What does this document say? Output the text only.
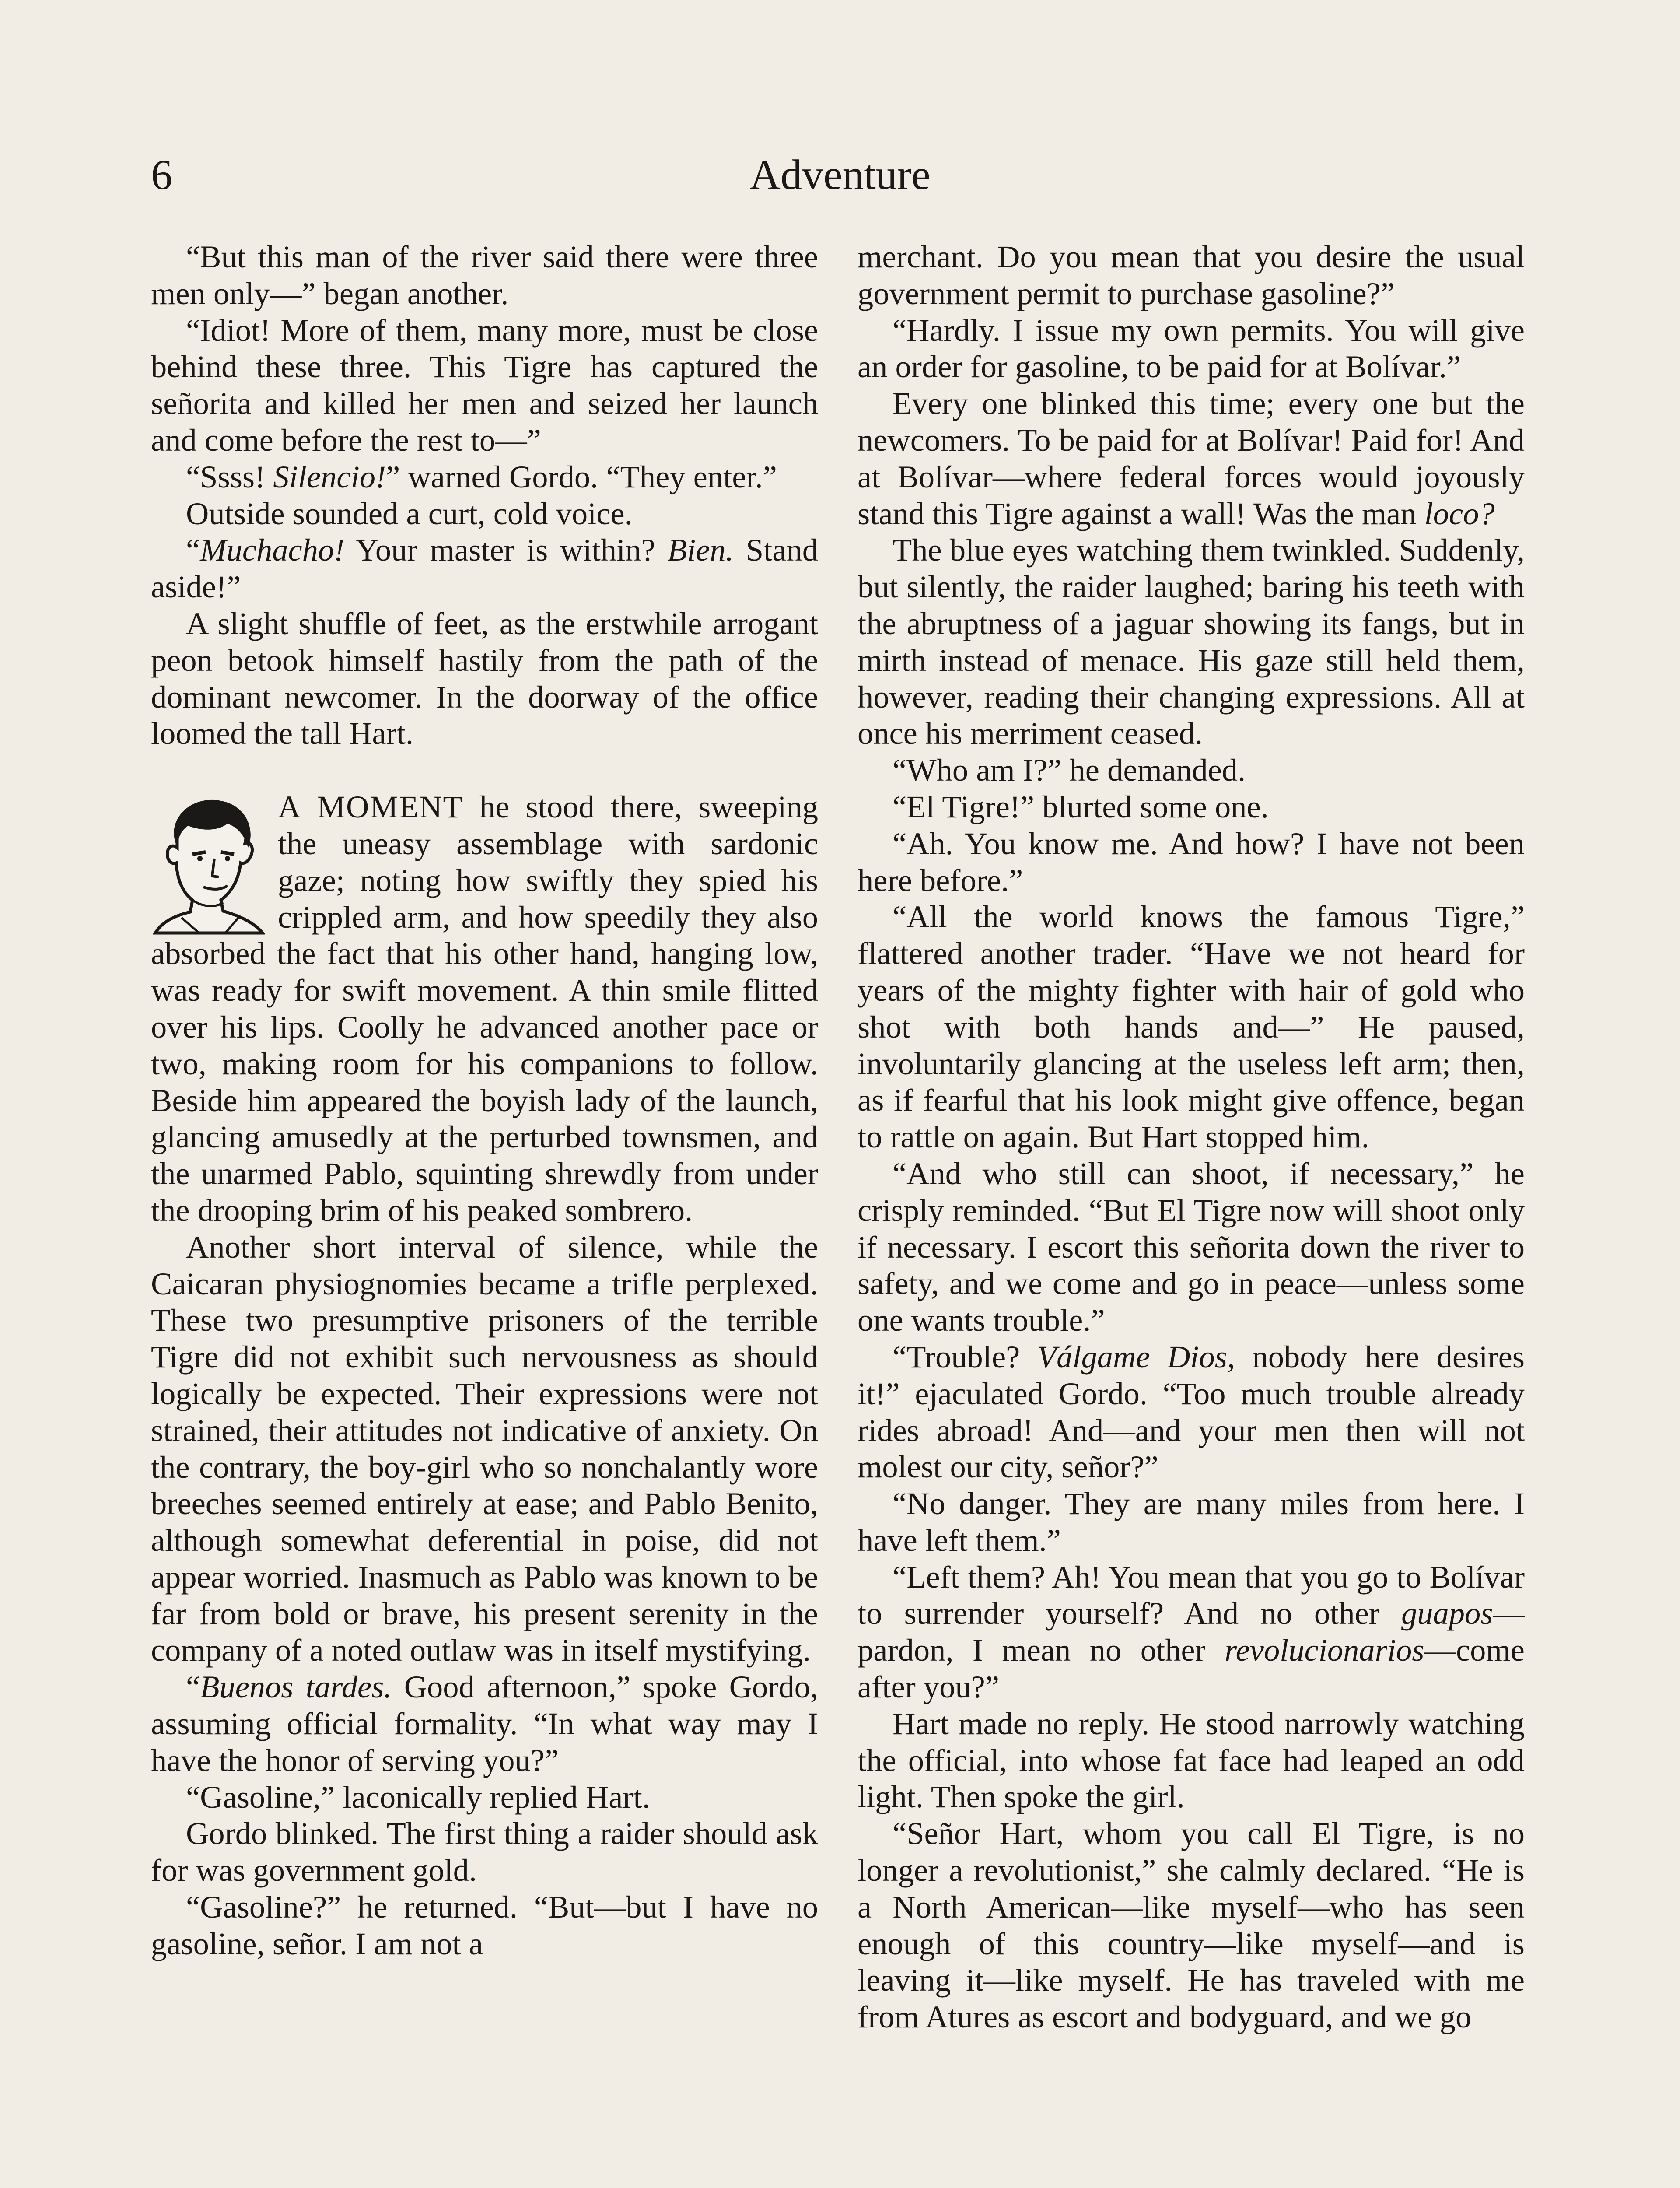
6	Adventure

“But this man of the river said there were three men only—” began another.

“Idiot! More of them, many more, must be close behind these three. This Tigre has captured the señorita and killed her men and seized her launch and come before the rest to—”

“Ssss! Silencio!” warned Gordo. “They enter.”

Outside sounded a curt, cold voice.

“Muchacho! Your master is within? Bien. Stand aside!”

A slight shuffle of feet, as the erstwhile arrogant peon betook himself hastily from the path of the dominant newcomer. In the doorway of the office loomed the tall Hart.

A MOMENT he stood there, sweeping the uneasy assemblage with sardonic gaze; noting how swiftly they spied his crippled arm, and how speedily they also absorbed the fact that his other hand, hanging low, was ready for swift movement. A thin smile flitted over his lips. Coolly he advanced another pace or two, making room for his companions to follow. Beside him appeared the boyish lady of the launch, glancing amusedly at the perturbed townsmen, and the unarmed Pablo, squinting shrewdly from under the drooping brim of his peaked sombrero.

Another short interval of silence, while the Caicaran physiognomies became a trifle perplexed. These two presumptive prisoners of the terrible Tigre did not exhibit such nervousness as should logically be expected. Their expressions were not strained, their attitudes not indicative of anxiety. On the contrary, the boy-girl who so nonchalantly wore breeches seemed entirely at ease; and Pablo Benito, although somewhat deferential in poise, did not appear worried. Inasmuch as Pablo was known to be far from bold or brave, his present serenity in the company of a noted outlaw was in itself mystifying.

“Buenos tardes. Good afternoon,” spoke Gordo, assuming official formality. “In what way may I have the honor of serving you?”

“Gasoline,” laconically replied Hart.

Gordo blinked. The first thing a raider should ask for was government gold.

“Gasoline?” he returned. “But—but I have no gasoline, señor. I am not a

merchant. Do you mean that you desire the usual government permit to purchase gasoline?”

“Hardly. I issue my own permits. You will give an order for gasoline, to be paid for at Bolívar.”

Every one blinked this time; every one but the newcomers. To be paid for at Bolívar! Paid for! And at Bolívar—where federal forces would joyously stand this Tigre against a wall! Was the man loco?

The blue eyes watching them twinkled. Suddenly, but silently, the raider laughed; baring his teeth with the abruptness of a jaguar showing its fangs, but in mirth instead of menace. His gaze still held them, however, reading their changing expressions. All at once his merriment ceased.

“Who am I?” he demanded.

“El Tigre!” blurted some one.

“Ah. You know me. And how? I have not been here before.”

“All the world knows the famous Tigre,” flattered another trader. “Have we not heard for years of the mighty fighter with hair of gold who shot with both hands and—” He paused, involuntarily glancing at the useless left arm; then, as if fearful that his look might give offence, began to rattle on again. But Hart stopped him.

“And who still can shoot, if necessary,” he crisply reminded. “But El Tigre now will shoot only if necessary. I escort this señorita down the river to safety, and we come and go in peace—unless some one wants trouble.”

“Trouble? Válgame Dios, nobody here desires it!” ejaculated Gordo. “Too much trouble already rides abroad! And—and your men then will not molest our city, señor?”

“No danger. They are many miles from here. I have left them.”

“Left them? Ah! You mean that you go to Bolívar to surrender yourself? And no other guapos—pardon, I mean no other revolucionarios—come after you?”

Hart made no reply. He stood narrowly watching the official, into whose fat face had leaped an odd light. Then spoke the girl.

“Señor Hart, whom you call El Tigre, is no longer a revolutionist,” she calmly declared. “He is a North American—like myself—who has seen enough of this country—like myself—and is leaving it—like myself. He has traveled with me from Atures as escort and bodyguard, and we go
